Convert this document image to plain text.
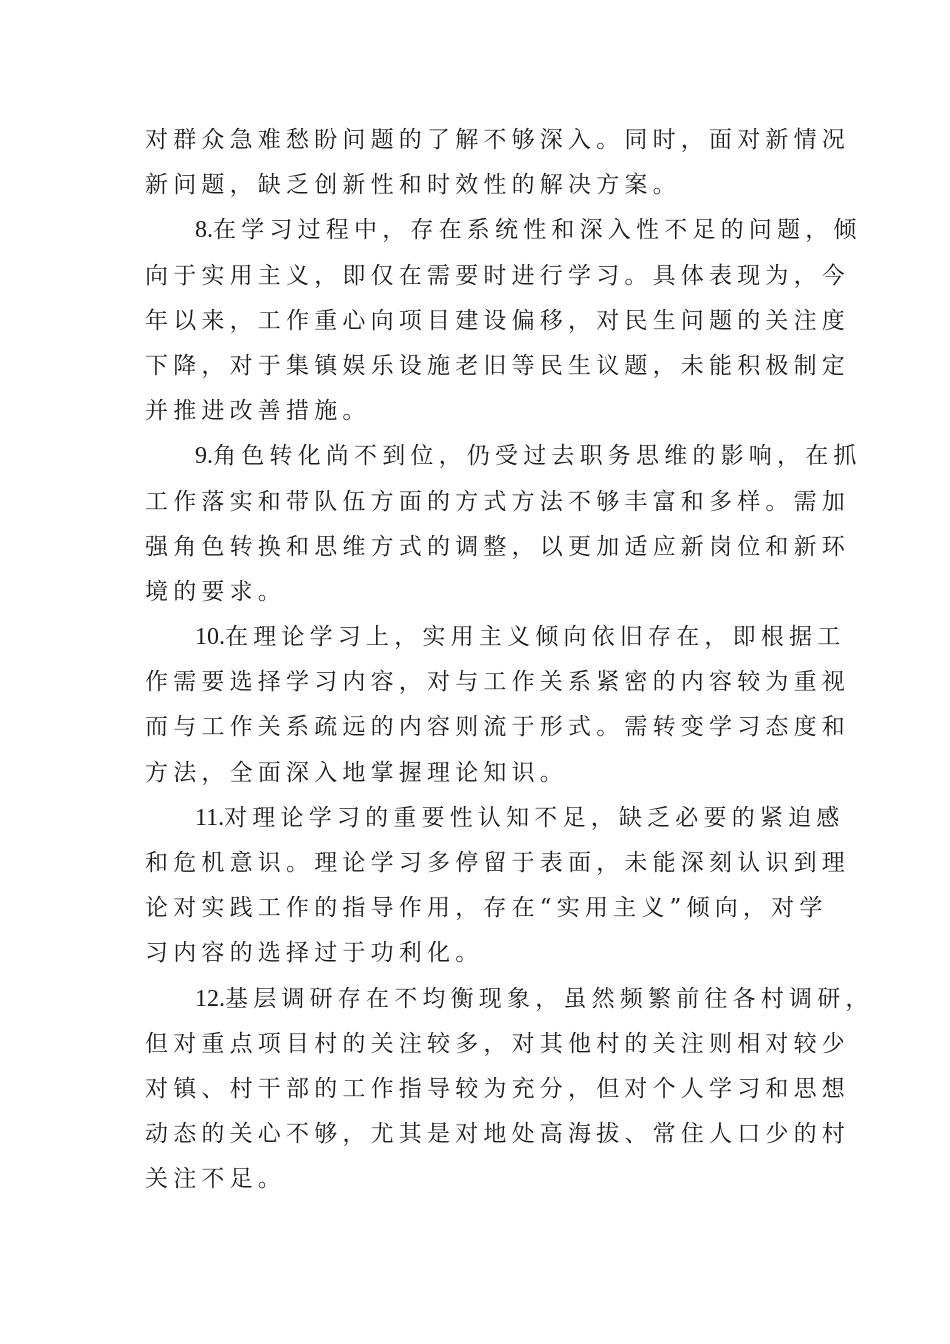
对群众急难愁盼问题的了解不够深入。同时，面对新情况
新问题，缺乏创新性和时效性的解决方案。
8.在学习过程中，存在系统性和深入性不足的问题，倾
向于实用主义，即仅在需要时进行学习。具体表现为，今
年以来，工作重心向项目建设偏移，对民生问题的关注度
下降，对于集镇娱乐设施老旧等民生议题，未能积极制定
并推进改善措施。
9.角色转化尚不到位，仍受过去职务思维的影响，在抓
工作落实和带队伍方面的方式方法不够丰富和多样。需加
强角色转换和思维方式的调整，以更加适应新岗位和新环
境的要求。
10.在理论学习上，实用主义倾向依旧存在，即根据工
作需要选择学习内容，对与工作关系紧密的内容较为重视
而与工作关系疏远的内容则流于形式。需转变学习态度和
方法，全面深入地掌握理论知识。
11.对理论学习的重要性认知不足，缺乏必要的紧迫感
和危机意识。理论学习多停留于表面，未能深刻认识到理
论对实践工作的指导作用，存在“实用主义”倾向，对学
习内容的选择过于功利化。
12.基层调研存在不均衡现象，虽然频繁前往各村调研，
但对重点项目村的关注较多，对其他村的关注则相对较少
对镇、村干部的工作指导较为充分，但对个人学习和思想
动态的关心不够，尤其是对地处高海拔、常住人口少的村
关注不足。
